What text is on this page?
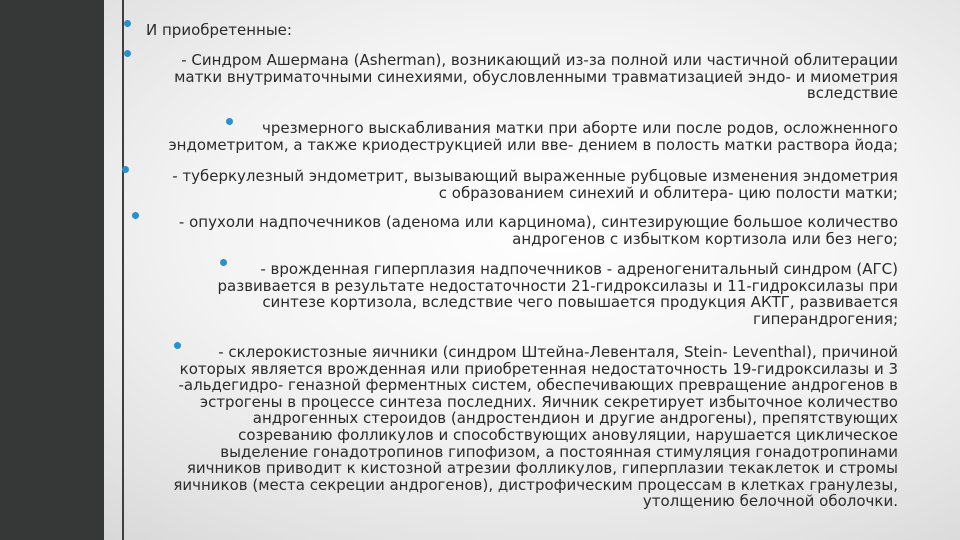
И приобретенные:
- Синдром Ашермана (Asherman), возникающий из-за полной или частичной облитерации
матки внутриматочными синехиями, обусловленными травматизацией эндо- и миометрия
вследствие
чрезмерного выскабливания матки при аборте или после родов, осложненного
эндометритом, а также криодеструкцией или вве- дением в полость матки раствора йода;
- туберкулезный эндометрит, вызывающий выраженные рубцовые изменения эндометрия
с образованием синехий и облитера- цию полости матки;
- опухоли надпочечников (аденома или карцинома), синтезирующие большое количество
андрогенов с избытком кортизола или без него;
- врожденная гиперплазия надпочечников - адреногенитальный синдром (АГС)
развивается в результате недостаточности 21-гидроксилазы и 11-гидроксилазы при
синтезе кортизола, вследствие чего повышается продукция АКТГ, развивается
гиперандрогения;
- склерокистозные яичники (синдром Штейна-Левенталя, Stein- Leventhal), причиной
которых является врожденная или приобретенная недостаточность 19-гидроксилазы и 3
-альдегидро- геназной ферментных систем, обеспечивающих превращение андрогенов в
эстрогены в процессе синтеза последних. Яичник секретирует избыточное количество
андрогенных стероидов (андростендион и другие андрогены), препятствующих
созреванию фолликулов и способствующих ановуляции, нарушается циклическое
выделение гонадотропинов гипофизом, а постоянная стимуляция гонадотропинами
яичников приводит к кистозной атрезии фолликулов, гиперплазии текаклеток и стромы
яичников (места секреции андрогенов), дистрофическим процессам в клетках гранулезы,
утолщению белочной оболочки.
